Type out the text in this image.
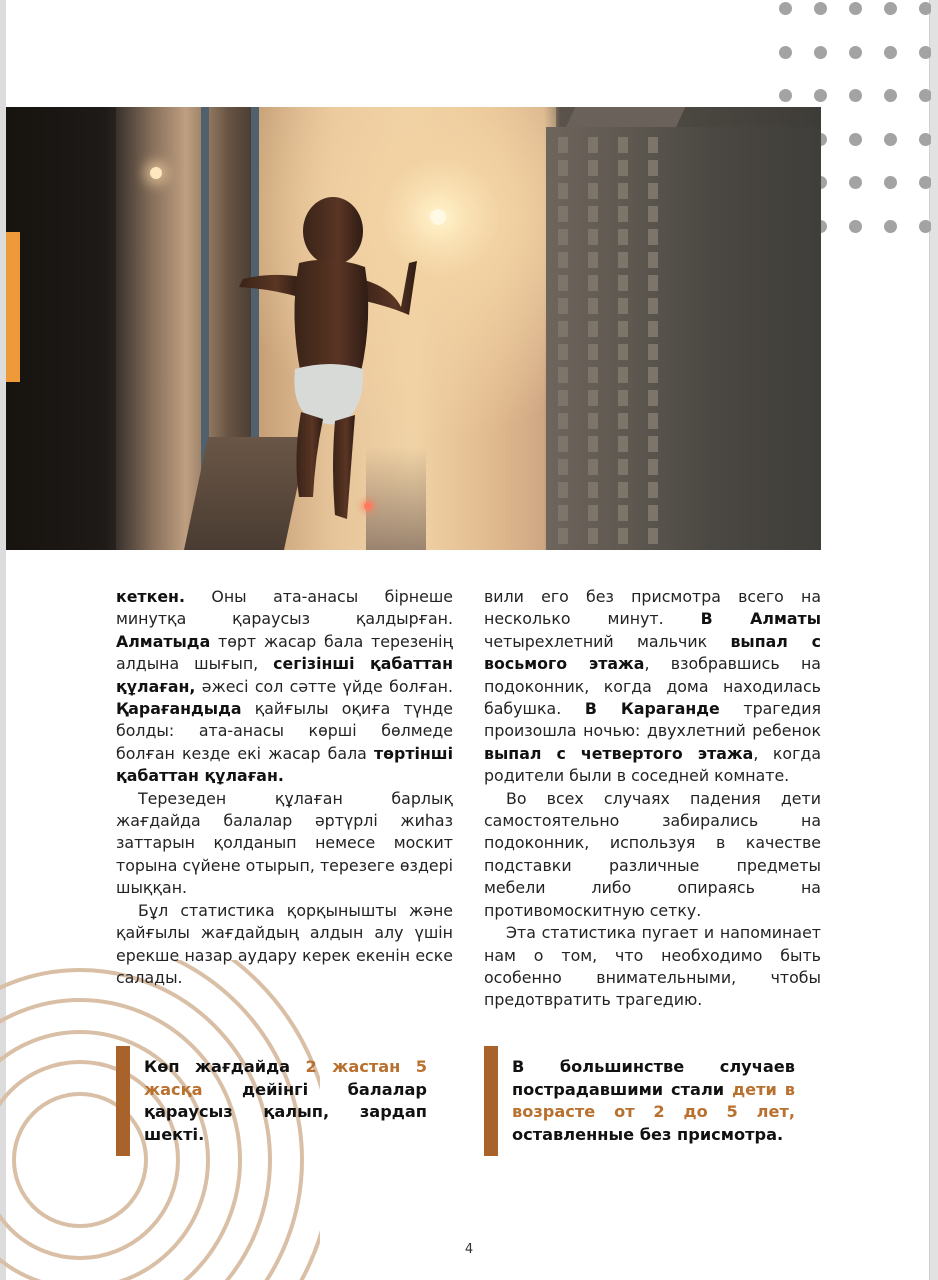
кеткен. Оны ата-анасы бірнеше минутқа қараусыз қалдырған. Алматыда төрт жасар бала терезенің алдына шығып, сегізінші қабаттан құлаған, әжесі сол сәтте үйде болған. Қарағандыда қайғылы оқиға түнде болды: ата-анасы көрші бөлмеде болған кезде екі жасар бала төртінші қабаттан құлаған.

Терезеден құлаған барлық жағдайда балалар әртүрлі жиһаз заттарын қолданып немесе москит торына сүйене отырып, терезеге өздері шыққан.

Бұл статистика қорқынышты және қайғылы жағдайдың алдын алу үшін ерекше назар аудару керек екенін еске салады.

вили его без присмотра всего на несколько минут. В Алматы четырехлетний мальчик выпал с восьмого этажа, взобравшись на подоконник, когда дома находилась бабушка. В Караганде трагедия произошла ночью: двухлетний ребенок выпал с четвертого этажа, когда родители были в соседней комнате.

Во всех случаях падения дети самостоятельно забирались на подоконник, используя в качестве подставки различные предметы мебели либо опираясь на противомоскитную сетку.

Эта статистика пугает и напоминает нам о том, что необходимо быть особенно внимательными, чтобы предотвратить трагедию.

Көп жағдайда 2 жастан 5 жасқа дейінгі балалар қараусыз қалып, зардап шекті.
В большинстве случаев пострадавшими стали дети в возрасте от 2 до 5 лет, оставленные без присмотра.
4
